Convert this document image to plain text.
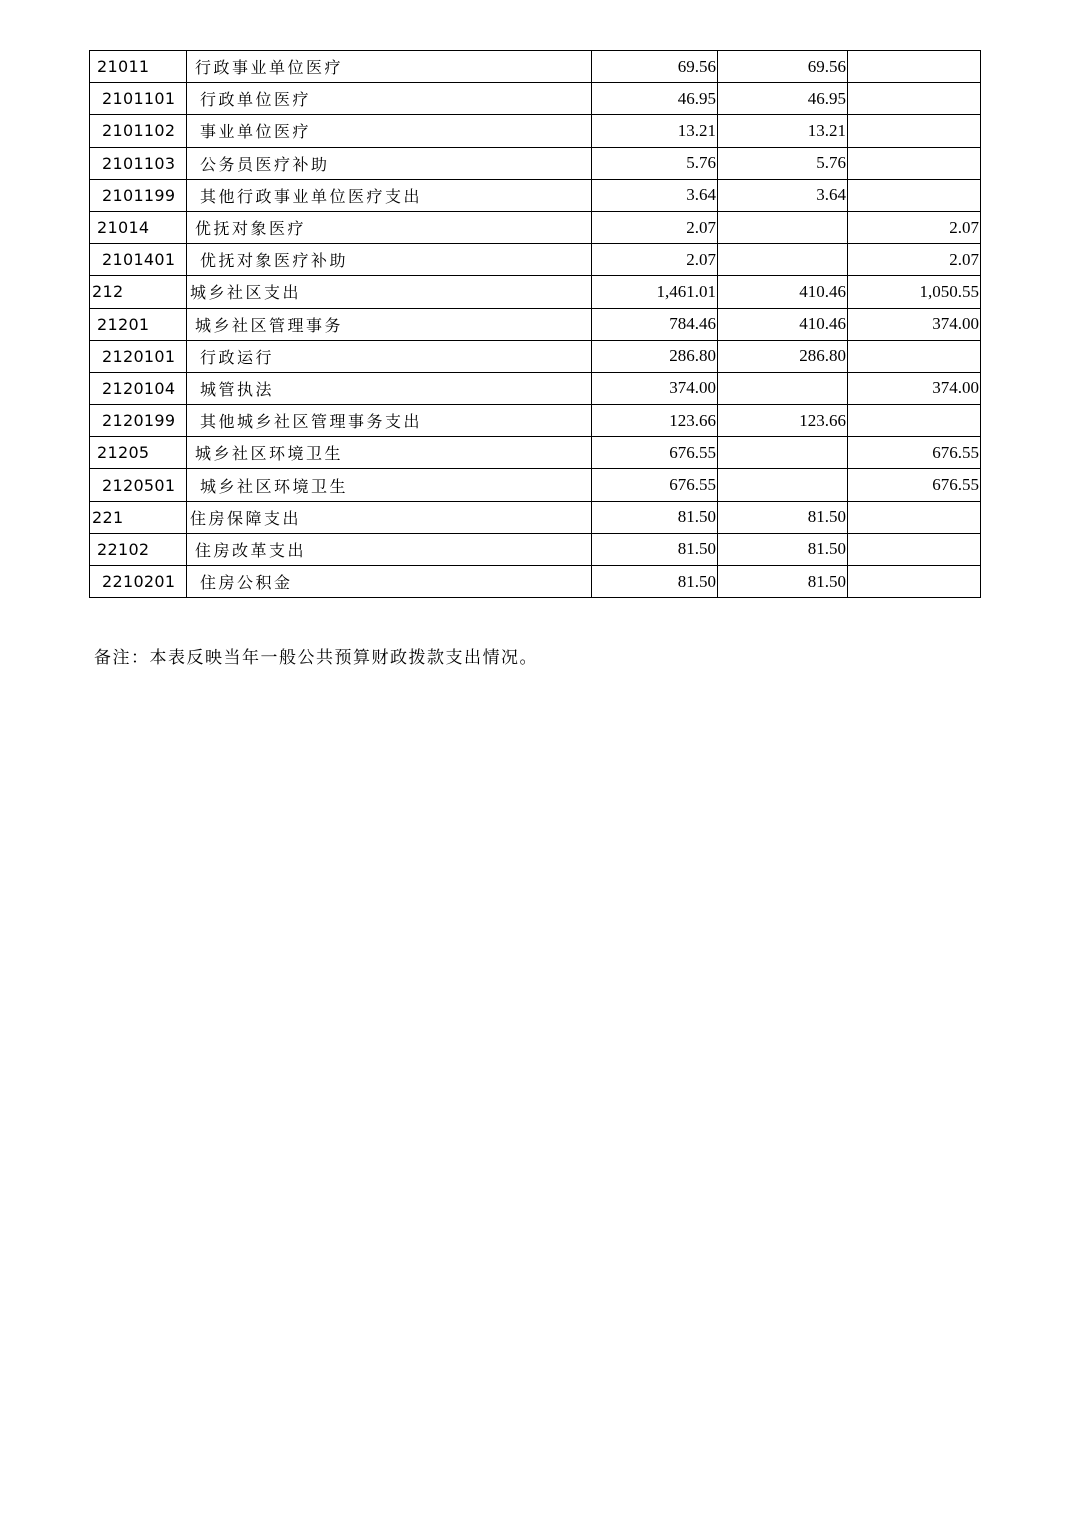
21011	行政事业单位医疗	69.56	69.56	
2101101	行政单位医疗	46.95	46.95	
2101102	事业单位医疗	13.21	13.21	
2101103	公务员医疗补助	5.76	5.76	
2101199	其他行政事业单位医疗支出	3.64	3.64	
21014	优抚对象医疗	2.07		2.07
2101401	优抚对象医疗补助	2.07		2.07
212	城乡社区支出	1,461.01	410.46	1,050.55
21201	城乡社区管理事务	784.46	410.46	374.00
2120101	行政运行	286.80	286.80	
2120104	城管执法	374.00		374.00
2120199	其他城乡社区管理事务支出	123.66	123.66	
21205	城乡社区环境卫生	676.55		676.55
2120501	城乡社区环境卫生	676.55		676.55
221	住房保障支出	81.50	81.50	
22102	住房改革支出	81.50	81.50	
2210201	住房公积金	81.50	81.50	
备注：本表反映当年一般公共预算财政拨款支出情况。
